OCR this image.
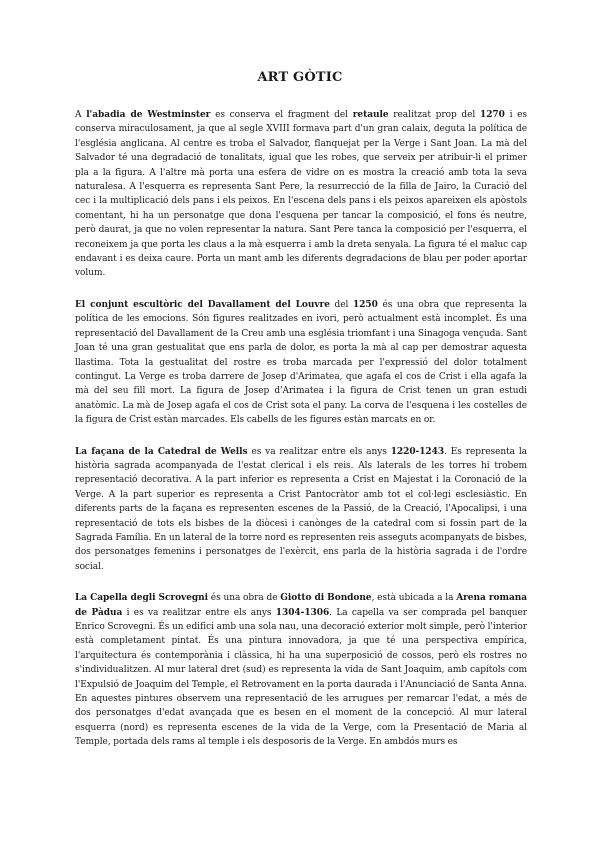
ART GÒTIC

A l'abadia de Westminster es conserva el fragment del retaule realitzat prop del 1270 i es conserva miraculosament, ja que al segle XVIII formava part d'un gran calaix, deguta la política de l'església anglicana. Al centre es troba el Salvador, flanquejat per la Verge i Sant Joan. La mà del Salvador té una degradació de tonalitats, igual que les robes, que serveix per atribuir-li el primer pla a la figura. A l'altre mà porta una esfera de vidre on es mostra la creació amb tota la seva naturalesa. A l'esquerra es representa Sant Pere, la resurrecció de la filla de Jairo, la Curació del cec i la multiplicació dels pans i els peixos. En l'escena dels pans i els peixos apareixen els apòstols comentant, hi ha un personatge que dona l'esquena per tancar la composició, el fons és neutre, però daurat, ja que no volen representar la natura. Sant Pere tanca la composició per l'esquerra, el reconeixem ja que porta les claus a la mà esquerra i amb la dreta senyala. La figura té el maluc cap endavant i es deixa caure. Porta un mant amb les diferents degradacions de blau per poder aportar volum.

El conjunt escultòric del Davallament del Louvre del 1250 és una obra que representa la política de les emocions. Són figures realitzades en ivori, però actualment està incomplet. És una representació del Davallament de la Creu amb una església triomfant i una Sinagoga vençuda. Sant Joan té una gran gestualitat que ens parla de dolor, es porta la mà al cap per demostrar aquesta llastima. Tota la gestualitat del rostre es troba marcada per l'expressió del dolor totalment contingut. La Verge es troba darrere de Josep d'Arimatea, que agafa el cos de Crist i ella agafa la mà del seu fill mort. La figura de Josep d'Arimatea i la figura de Crist tenen un gran estudi anatòmic. La mà de Josep agafa el cos de Crist sota el pany. La corva de l'esquena i les costelles de la figura de Crist estàn marcades. Els cabells de les figures estàn marcats en or.

La façana de la Catedral de Wells es va realitzar entre els anys 1220-1243. Es representa la història sagrada acompanyada de l'estat clerical i els reis. Als laterals de les torres hi trobem representació decorativa. A la part inferior es representa a Crist en Majestat i la Coronació de la Verge. A la part superior es representa a Crist Pantocràtor amb tot el col·legi esclesiàstic. En diferents parts de la façana es representen escenes de la Passió, de la Creació, l'Apocalipsi, i una representació de tots els bisbes de la diòcesi i canònges de la catedral com si fossin part de la Sagrada Família. En un lateral de la torre nord es representen reis asseguts acompanyats de bisbes, dos personatges femenins i personatges de l'exèrcit, ens parla de la història sagrada i de l'ordre social.

La Capella degli Scrovegni és una obra de Giotto di Bondone, està ubicada a la Arena romana de Pàdua i es va realitzar entre els anys 1304-1306. La capella va ser comprada pel banquer Enrico Scrovegni. És un edifici amb una sola nau, una decoració exterior molt simple, però l'interior està completament pintat. És una pintura innovadora, ja que té una perspectiva empírica, l'arquitectura és contemporània i clàssica, hi ha una superposició de cossos, però els rostres no s'individualitzen. Al mur lateral dret (sud) es representa la vida de Sant Joaquim, amb capítols com l'Expulsió de Joaquim del Temple, el Retrovament en la porta daurada i l'Anunciació de Santa Anna. En aquestes pintures observem una representació de les arrugues per remarcar l'edat, a més de dos personatges d'edat avançada que es besen en el moment de la concepció. Al mur lateral esquerra (nord) es representa escenes de la vida de la Verge, com la Presentació de Maria al Temple, portada dels rams al temple i els desposoris de la Verge. En ambdós murs es
